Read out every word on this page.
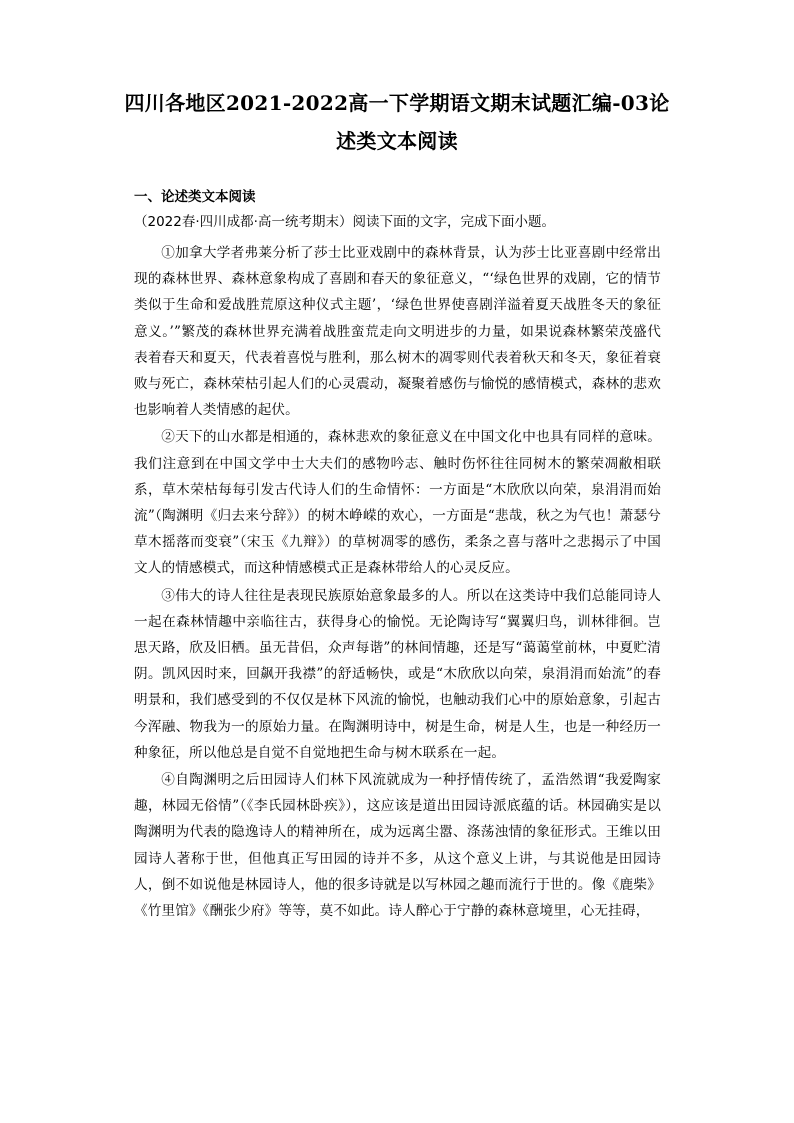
四川各地区2021-2022高一下学期语文期末试题汇编-03论
述类文本阅读
一、论述类文本阅读
（2022春·四川成都·高一统考期末）阅读下面的文字，完成下面小题。

①加拿大学者弗莱分析了莎士比亚戏剧中的森林背景，认为莎士比亚喜剧中经常出现的森林世界、森林意象构成了喜剧和春天的象征意义，“‘绿色世界的戏剧，它的情节类似于生命和爱战胜荒原这种仪式主题’，‘绿色世界使喜剧洋溢着夏天战胜冬天的象征意义。’”繁茂的森林世界充满着战胜蛮荒走向文明进步的力量，如果说森林繁荣茂盛代表着春天和夏天，代表着喜悦与胜利，那么树木的凋零则代表着秋天和冬天，象征着衰败与死亡，森林荣枯引起人们的心灵震动，凝聚着感伤与愉悦的感情模式，森林的悲欢也影响着人类情感的起伏。

②天下的山水都是相通的，森林悲欢的象征意义在中国文化中也具有同样的意味。我们注意到在中国文学中士大夫们的感物吟志、触时伤怀往往同树木的繁荣凋敝相联系，草木荣枯每每引发古代诗人们的生命情怀：一方面是“木欣欣以向荣，泉涓涓而始流”（陶渊明《归去来兮辞》）的树木峥嵘的欢心，一方面是“悲哉，秋之为气也！萧瑟兮草木摇落而变衰”（宋玉《九辩》）的草树凋零的感伤，柔条之喜与落叶之悲揭示了中国文人的情感模式，而这种情感模式正是森林带给人的心灵反应。

③伟大的诗人往往是表现民族原始意象最多的人。所以在这类诗中我们总能同诗人一起在森林情趣中亲临往古，获得身心的愉悦。无论陶诗写“翼翼归鸟，训林徘徊。岂思天路，欣及旧栖。虽无昔侣，众声每谐”的林间情趣，还是写“蔼蔼堂前林，中夏贮清阴。凯风因时来，回飙开我襟”的舒适畅快，或是“木欣欣以向荣，泉涓涓而始流”的春明景和，我们感受到的不仅仅是林下风流的愉悦，也触动我们心中的原始意象，引起古今浑融、物我为一的原始力量。在陶渊明诗中，树是生命，树是人生，也是一种经历一种象征，所以他总是自觉不自觉地把生命与树木联系在一起。

④自陶渊明之后田园诗人们林下风流就成为一种抒情传统了，孟浩然谓“我爱陶家趣，林园无俗情”（《李氏园林卧疾》），这应该是道出田园诗派底蕴的话。林园确实是以陶渊明为代表的隐逸诗人的精神所在，成为远离尘嚣、涤荡浊情的象征形式。王维以田园诗人著称于世，但他真正写田园的诗并不多，从这个意义上讲，与其说他是田园诗人，倒不如说他是林园诗人，他的很多诗就是以写林园之趣而流行于世的。像《鹿柴》《竹里馆》《酬张少府》等等，莫不如此。诗人醉心于宁静的森林意境里，心无挂碍，
